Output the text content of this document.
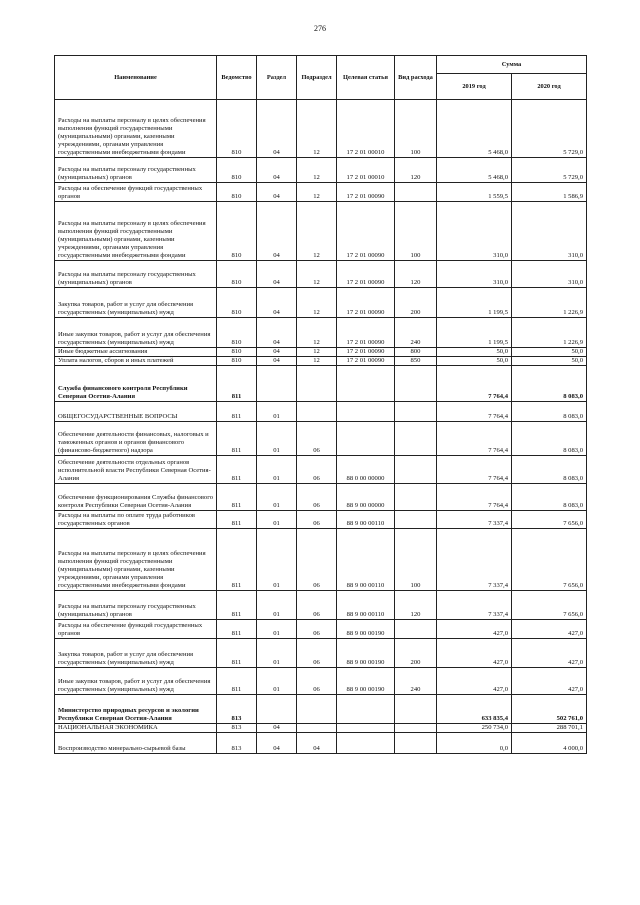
276
Наименование	Ведомство	Раздел	Подраздел	Целевая статья	Вид расхода	Сумма	
						2019 год	2020 год
Расходы на выплаты персоналу в целях обеспечения выполнения функций государственными (муниципальными) органами, казенными учреждениями, органами управления государственными внебюджетными фондами	810	04	12	17 2 01 00010	100	5 468,0	5 729,0
Расходы на выплаты персоналу государственных (муниципальных) органов	810	04	12	17 2 01 00010	120	5 468,0	5 729,0
Расходы на обеспечение функций государственных органов	810	04	12	17 2 01 00090		1 559,5	1 586,9
Расходы на выплаты персоналу в целях обеспечения выполнения функций государственными (муниципальными) органами, казенными учреждениями, органами управления государственными внебюджетными фондами	810	04	12	17 2 01 00090	100	310,0	310,0
Расходы на выплаты персоналу государственных (муниципальных) органов	810	04	12	17 2 01 00090	120	310,0	310,0
Закупка товаров, работ и услуг для обеспечения государственных (муниципальных) нужд	810	04	12	17 2 01 00090	200	1 199,5	1 226,9
Иные закупки товаров, работ и услуг для обеспечения государственных (муниципальных) нужд	810	04	12	17 2 01 00090	240	1 199,5	1 226,9
Иные бюджетные ассигнования	810	04	12	17 2 01 00090	800	50,0	50,0
Уплата налогов, сборов и иных платежей	810	04	12	17 2 01 00090	850	50,0	50,0
Служба финансового контроля Республики Северная Осетия-Алания	811					7 764,4	8 083,0
ОБЩЕГОСУДАРСТВЕННЫЕ ВОПРОСЫ	811	01				7 764,4	8 083,0
Обеспечение деятельности финансовых, налоговых и таможенных органов и органов финансового (финансово-бюджетного) надзора	811	01	06			7 764,4	8 083,0
Обеспечение деятельности отдельных органов исполнительной власти Республики Северная Осетия-Алания	811	01	06	88 0 00 00000		7 764,4	8 083,0
Обеспечение функционирования Службы финансового контроля Республики Северная Осетия-Алания	811	01	06	88 9 00 00000		7 764,4	8 083,0
Расходы на выплаты по оплате труда работников государственных органов	811	01	06	88 9 00 00110		7 337,4	7 656,0
Расходы на выплаты персоналу в целях обеспечения выполнения функций государственными (муниципальными) органами, казенными учреждениями, органами управления государственными внебюджетными фондами	811	01	06	88 9 00 00110	100	7 337,4	7 656,0
Расходы на выплаты персоналу государственных (муниципальных) органов	811	01	06	88 9 00 00110	120	7 337,4	7 656,0
Расходы на обеспечение функций государственных органов	811	01	06	88 9 00 00190		427,0	427,0
Закупка товаров, работ и услуг для обеспечения государственных (муниципальных) нужд	811	01	06	88 9 00 00190	200	427,0	427,0
Иные закупки товаров, работ и услуг для обеспечения государственных (муниципальных) нужд	811	01	06	88 9 00 00190	240	427,0	427,0
Министерство природных ресурсов и экологии Республики Северная Осетия-Алания	813					633 835,4	502 761,0
НАЦИОНАЛЬНАЯ ЭКОНОМИКА	813	04				250 734,0	288 701,1
Воспроизводство минерально-сырьевой базы	813	04	04			0,0	4 000,0
